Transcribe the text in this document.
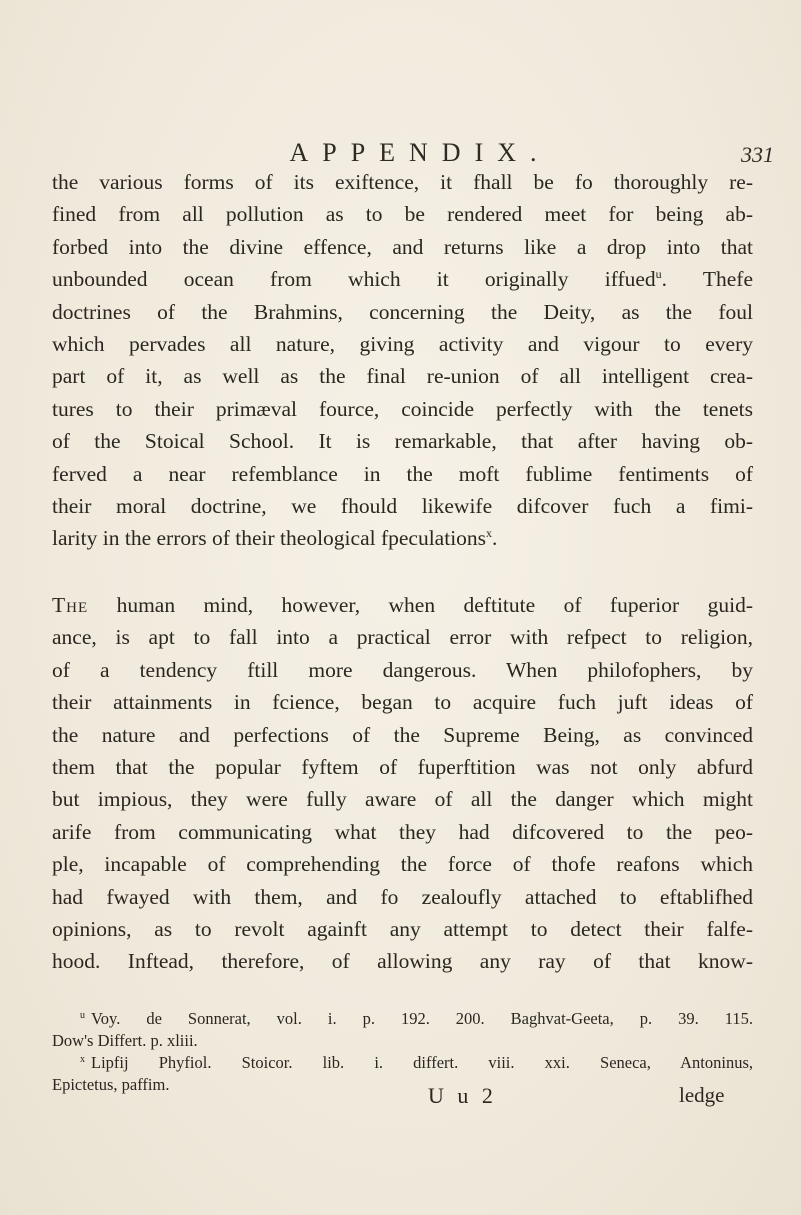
APPENDIX.	331
the various forms of its exiftence, it fhall be fo thoroughly re-
fined from all pollution as to be rendered meet for being ab-
forbed into the divine effence, and returns like a drop into that
unbounded ocean from which it originally iffued$^u$. Thefe
doctrines of the Brahmins, concerning the Deity, as the foul
which pervades all nature, giving activity and vigour to every
part of it, as well as the final re-union of all intelligent crea-
tures to their primæval fource, coincide perfectly with the tenets
of the Stoical School. It is remarkable, that after having ob-
ferved a near refemblance in the moft fublime fentiments of
their moral doctrine, we fhould likewife difcover fuch a fimi-
larity in the errors of their theological fpeculations$^x$.
The human mind, however, when deftitute of fuperior guid-
ance, is apt to fall into a practical error with refpect to religion,
of a tendency ftill more dangerous. When philofophers, by
their attainments in fcience, began to acquire fuch juft ideas of
the nature and perfections of the Supreme Being, as convinced
them that the popular fyftem of fuperftition was not only abfurd
but impious, they were fully aware of all the danger which might
arife from communicating what they had difcovered to the peo-
ple, incapable of comprehending the force of thofe reafons which
had fwayed with them, and fo zealoufly attached to eftablifhed
opinions, as to revolt againft any attempt to detect their falfe-
hood. Inftead, therefore, of allowing any ray of that know-
$^u$ Voy. de Sonnerat, vol. i. p. 192. 200. Baghvat-Geeta, p. 39. 115.
Dow's Differt. p. xliii.
$^x$ Lipfij Phyfiol. Stoicor. lib. i. differt. viii. xxi. Seneca, Antoninus,
Epictetus, paffim.	U u 2	ledge
